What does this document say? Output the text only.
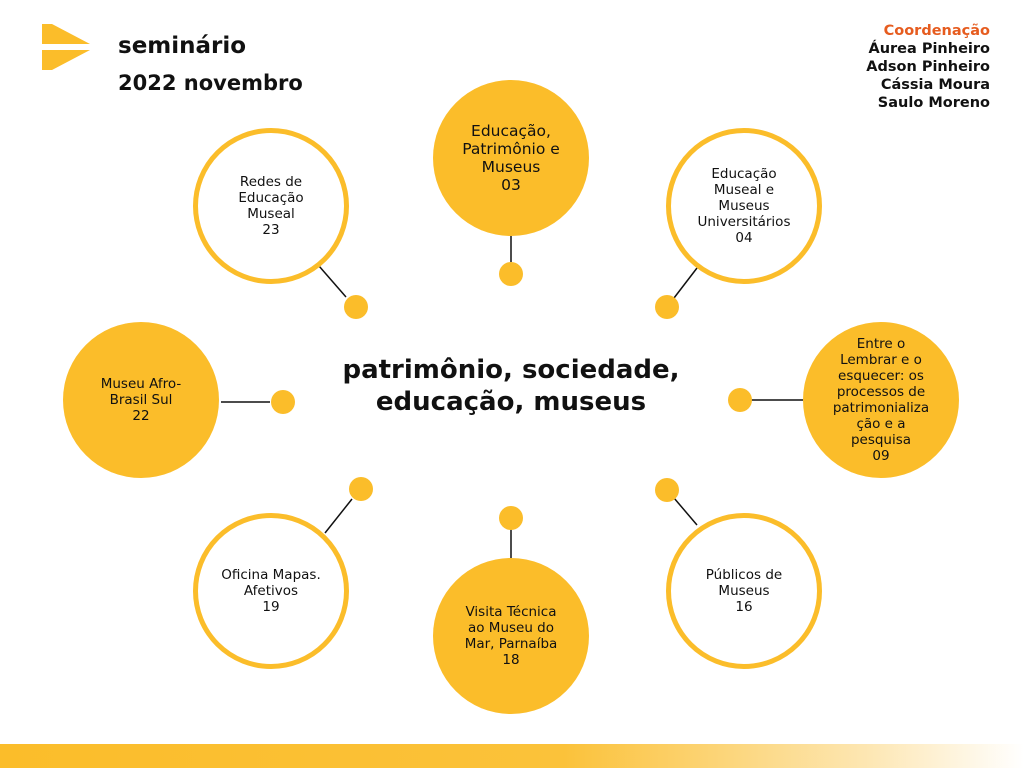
seminário
2022 novembro
Coordenação
Áurea Pinheiro
Adson Pinheiro
Cássia Moura
Saulo Moreno
patrimônio, sociedade,
educação, museus
Educação,
Patrimônio e
Museus
03
Educação
Museal e
Museus
Universitários
04
Entre o
Lembrar e o
esquecer: os
processos de
patrimonializa
ção e a
pesquisa
09
Públicos de
Museus
16
Visita Técnica
ao Museu do
Mar, Parnaíba
18
Oficina Mapas.
Afetivos
19
Museu Afro-
Brasil Sul
22
Redes de
Educação
Museal
23
